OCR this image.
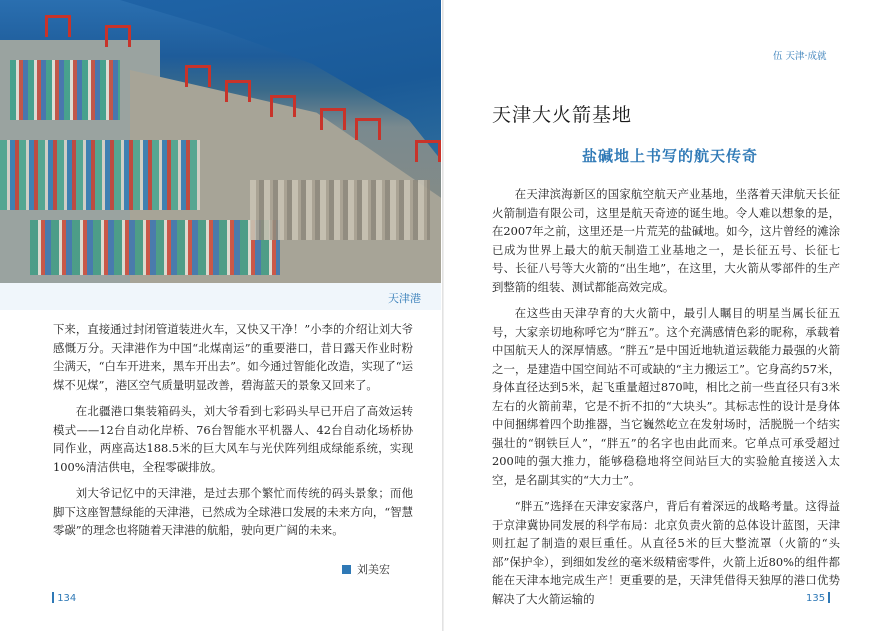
天津港

下来，直接通过封闭管道装进火车，又快又干净！”小李的介绍让刘大爷感慨万分。天津港作为中国“北煤南运”的重要港口，昔日露天作业时粉尘满天，“白车开进来，黑车开出去”。如今通过智能化改造，实现了“运煤不见煤”，港区空气质量明显改善，碧海蓝天的景象又回来了。

在北疆港口集装箱码头，刘大爷看到七彩码头早已开启了高效运转模式——12台自动化岸桥、76台智能水平机器人、42台自动化场桥协同作业，两座高达188.5米的巨大风车与光伏阵列组成绿能系统，实现100%清洁供电，全程零碳排放。

刘大爷记忆中的天津港，是过去那个繁忙而传统的码头景象；而他脚下这座智慧绿能的天津港，已然成为全球港口发展的未来方向，“智慧零碳”的理念也将随着天津港的航船，驶向更广阔的未来。

刘美宏
134
伍 天津·成就
天津大火箭基地
盐碱地上书写的航天传奇

在天津滨海新区的国家航空航天产业基地，坐落着天津航天长征火箭制造有限公司，这里是航天奇迹的诞生地。令人难以想象的是，在2007年之前，这里还是一片荒芜的盐碱地。如今，这片曾经的滩涂已成为世界上最大的航天制造工业基地之一，是长征五号、长征七号、长征八号等大火箭的“出生地”，在这里，大火箭从零部件的生产到整箭的组装、测试都能高效完成。

在这些由天津孕育的大火箭中，最引人瞩目的明星当属长征五号，大家亲切地称呼它为“胖五”。这个充满感情色彩的昵称，承载着中国航天人的深厚情感。“胖五”是中国近地轨道运载能力最强的火箭之一，是建造中国空间站不可或缺的“主力搬运工”。它身高约57米，身体直径达到5米，起飞重量超过870吨，相比之前一些直径只有3米左右的火箭前辈，它是不折不扣的“大块头”。其标志性的设计是身体中间捆绑着四个助推器，当它巍然屹立在发射场时，活脱脱一个结实强壮的“钢铁巨人”，“胖五”的名字也由此而来。它单点可承受超过200吨的强大推力，能够稳稳地将空间站巨大的实验舱直接送入太空，是名副其实的“大力士”。

“胖五”选择在天津安家落户，背后有着深远的战略考量。这得益于京津冀协同发展的科学布局：北京负责火箭的总体设计蓝图，天津则扛起了制造的艰巨重任。从直径5米的巨大整流罩（火箭的“头部”保护伞），到细如发丝的毫米级精密零件，火箭上近80%的组件都能在天津本地完成生产！更重要的是，天津凭借得天独厚的港口优势解决了大火箭运输的	135
